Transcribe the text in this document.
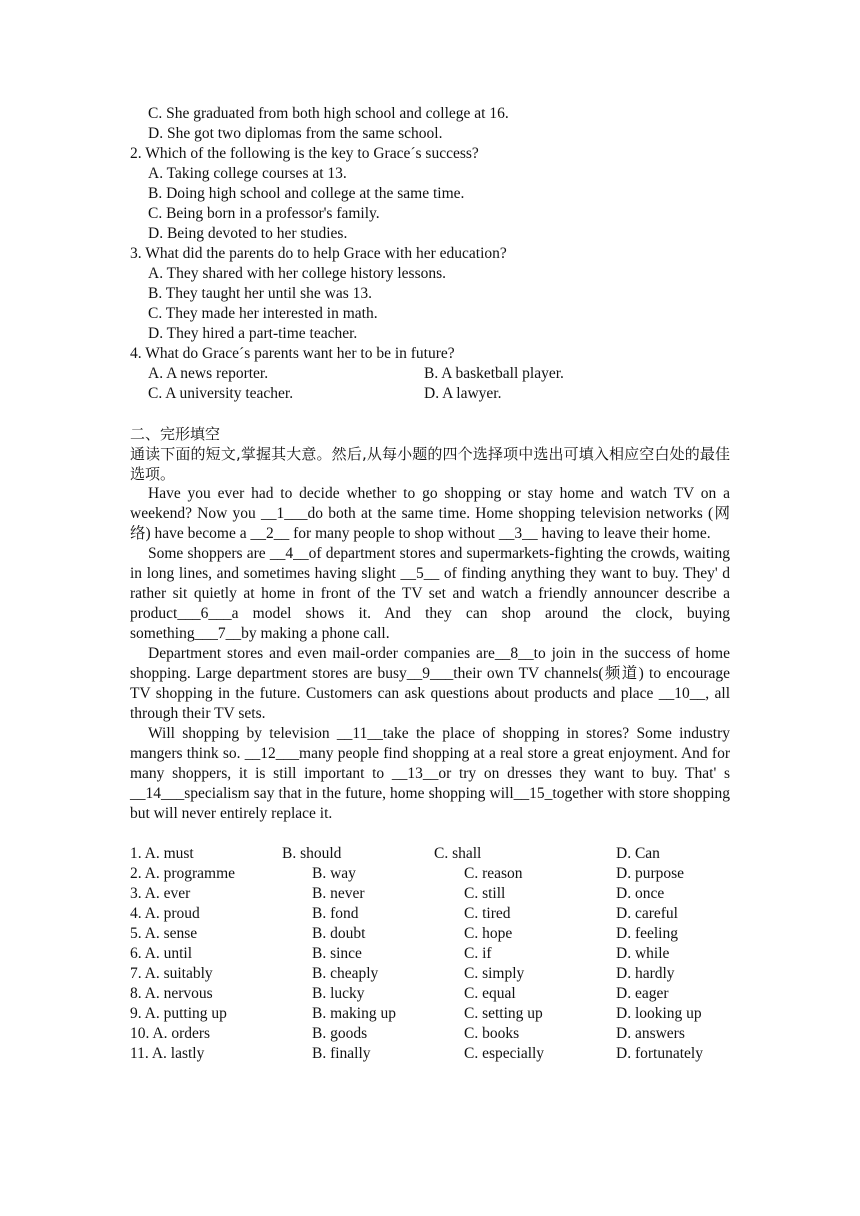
C. She graduated from both high school and college at 16.
D. She got two diplomas from the same school.
2. Which of the following is the key to Grace´s success?
A. Taking college courses at 13.
B. Doing high school and college at the same time.
C. Being born in a professor's family.
D. Being devoted to her studies.
3. What did the parents do to help Grace with her education?
A. They shared with her college history lessons.
B. They taught her until she was 13.
C. They made her interested in math.
D. They hired a part-time teacher.
4. What do Grace´s parents want her to be in future?
A. A news reporter.	B. A basketball player.
C. A university teacher.	D. A lawyer.
二、完形填空

通读下面的短文,掌握其大意。然后,从每小题的四个选择项中选出可填入相应空白处的最佳选项。

Have you ever had to decide whether to go shopping or stay home and watch TV on a weekend? Now you __1___do both at the same time. Home shopping television networks (网络) have become a __2__ for many people to shop without __3__ having to leave their home.

Some shoppers are __4__of department stores and supermarkets-fighting the crowds, waiting in long lines, and sometimes having slight __5__ of finding anything they want to buy. They' d rather sit quietly at home in front of the TV set and watch a friendly announcer describe a product___6___a model shows it. And they can shop around the clock, buying something___7__by making a phone call.

Department stores and even mail-order companies are__8__to join in the success of home shopping. Large department stores are busy__9___their own TV channels(频道) to encourage TV shopping in the future. Customers can ask questions about products and place __10__, all through their TV sets.

Will shopping by television __11__take the place of shopping in stores? Some industry mangers think so. __12___many people find shopping at a real store a great enjoyment. And for many shoppers, it is still important to __13__or try on dresses they want to buy. That' s __14___specialism say that in the future, home shopping will__15_together with store shopping but will never entirely replace it.

1. A. must	B. should	C. shall	D. Can
2. A. programme	B. way	C. reason	D. purpose
3. A. ever	B. never	C. still	D. once
4. A. proud	B. fond	C. tired	D. careful
5. A. sense	B. doubt	C. hope	D. feeling
6. A. until	B. since	C. if	D. while
7. A. suitably	B. cheaply	C. simply	D. hardly
8. A. nervous	B. lucky	C. equal	D. eager
9. A. putting up	B. making up	C. setting up	D. looking up
10. A. orders	B. goods	C. books	D. answers
11. A. lastly	B. finally	C. especially	D. fortunately
